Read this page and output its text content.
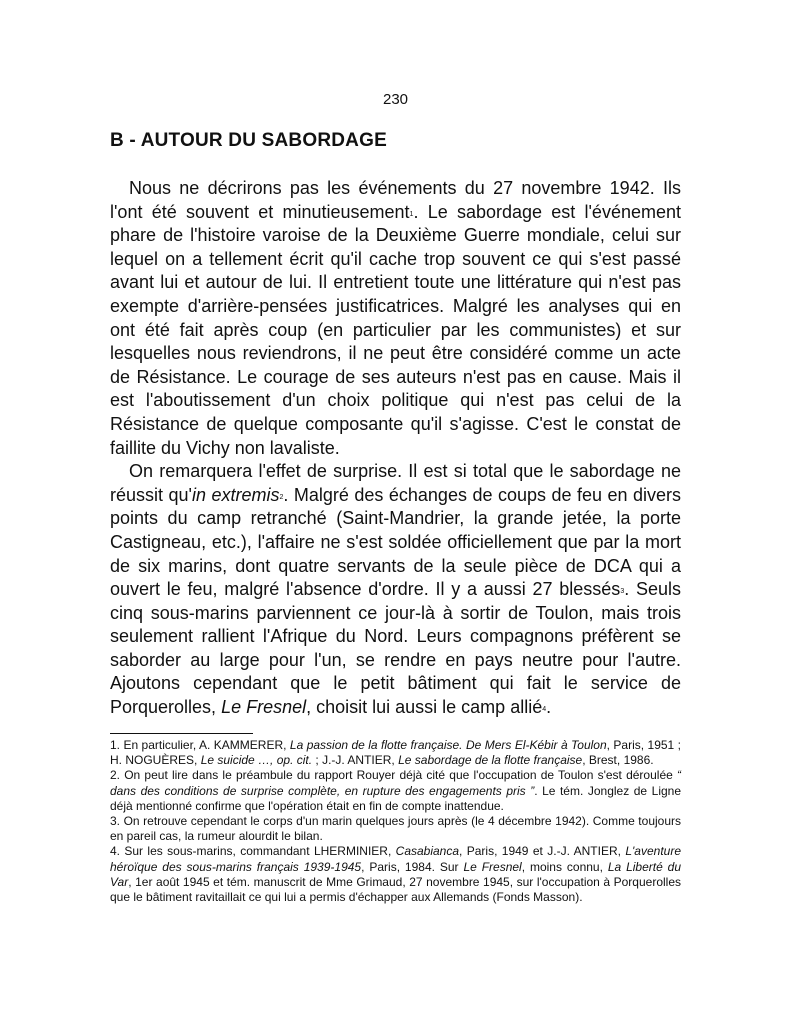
230
B - AUTOUR DU SABORDAGE

Nous ne décrirons pas les événements du 27 novembre 1942. Ils l'ont été souvent et minutieusement$^1$. Le sabordage est l'événement phare de l'histoire varoise de la Deuxième Guerre mondiale, celui sur lequel on a tellement écrit qu'il cache trop souvent ce qui s'est passé avant lui et autour de lui. Il entretient toute une littérature qui n'est pas exempte d'arrière-pensées justificatrices. Malgré les analyses qui en ont été fait après coup (en particulier par les communistes) et sur lesquelles nous reviendrons, il ne peut être considéré comme un acte de Résistance. Le courage de ses auteurs n'est pas en cause. Mais il est l'aboutissement d'un choix politique qui n'est pas celui de la Résistance de quelque composante qu'il s'agisse. C'est le constat de faillite du Vichy non lavaliste.

On remarquera l'effet de surprise. Il est si total que le sabordage ne réussit qu'in extremis$^2$. Malgré des échanges de coups de feu en divers points du camp retranché (Saint-Mandrier, la grande jetée, la porte Castigneau, etc.), l'affaire ne s'est soldée officiellement que par la mort de six marins, dont quatre servants de la seule pièce de DCA qui a ouvert le feu, malgré l'absence d'ordre. Il y a aussi 27 blessés$^3$. Seuls cinq sous-marins parviennent ce jour-là à sortir de Toulon, mais trois seulement rallient l'Afrique du Nord. Leurs compagnons préfèrent se saborder au large pour l'un, se rendre en pays neutre pour l'autre. Ajoutons cependant que le petit bâtiment qui fait le service de Porquerolles, Le Fresnel, choisit lui aussi le camp allié$^4$.

1. En particulier, A. KAMMERER, La passion de la flotte française. De Mers El-Kébir à Toulon, Paris, 1951 ; H. NOGUÈRES, Le suicide …, op. cit. ; J.-J. ANTIER, Le sabordage de la flotte française, Brest, 1986.

2. On peut lire dans le préambule du rapport Rouyer déjà cité que l'occupation de Toulon s'est déroulée “ dans des conditions de surprise complète, en rupture des engagements pris ”. Le tém. Jonglez de Ligne déjà mentionné confirme que l'opération était en fin de compte inattendue.

3. On retrouve cependant le corps d'un marin quelques jours après (le 4 décembre 1942). Comme toujours en pareil cas, la rumeur alourdit le bilan.

4. Sur les sous-marins, commandant LHERMINIER, Casabianca, Paris, 1949 et J.-J. ANTIER, L'aventure héroïque des sous-marins français 1939-1945, Paris, 1984. Sur Le Fresnel, moins connu, La Liberté du Var, 1er août 1945 et tém. manuscrit de Mme Grimaud, 27 novembre 1945, sur l'occupation à Porquerolles que le bâtiment ravitaillait ce qui lui a permis d'échapper aux Allemands (Fonds Masson).
